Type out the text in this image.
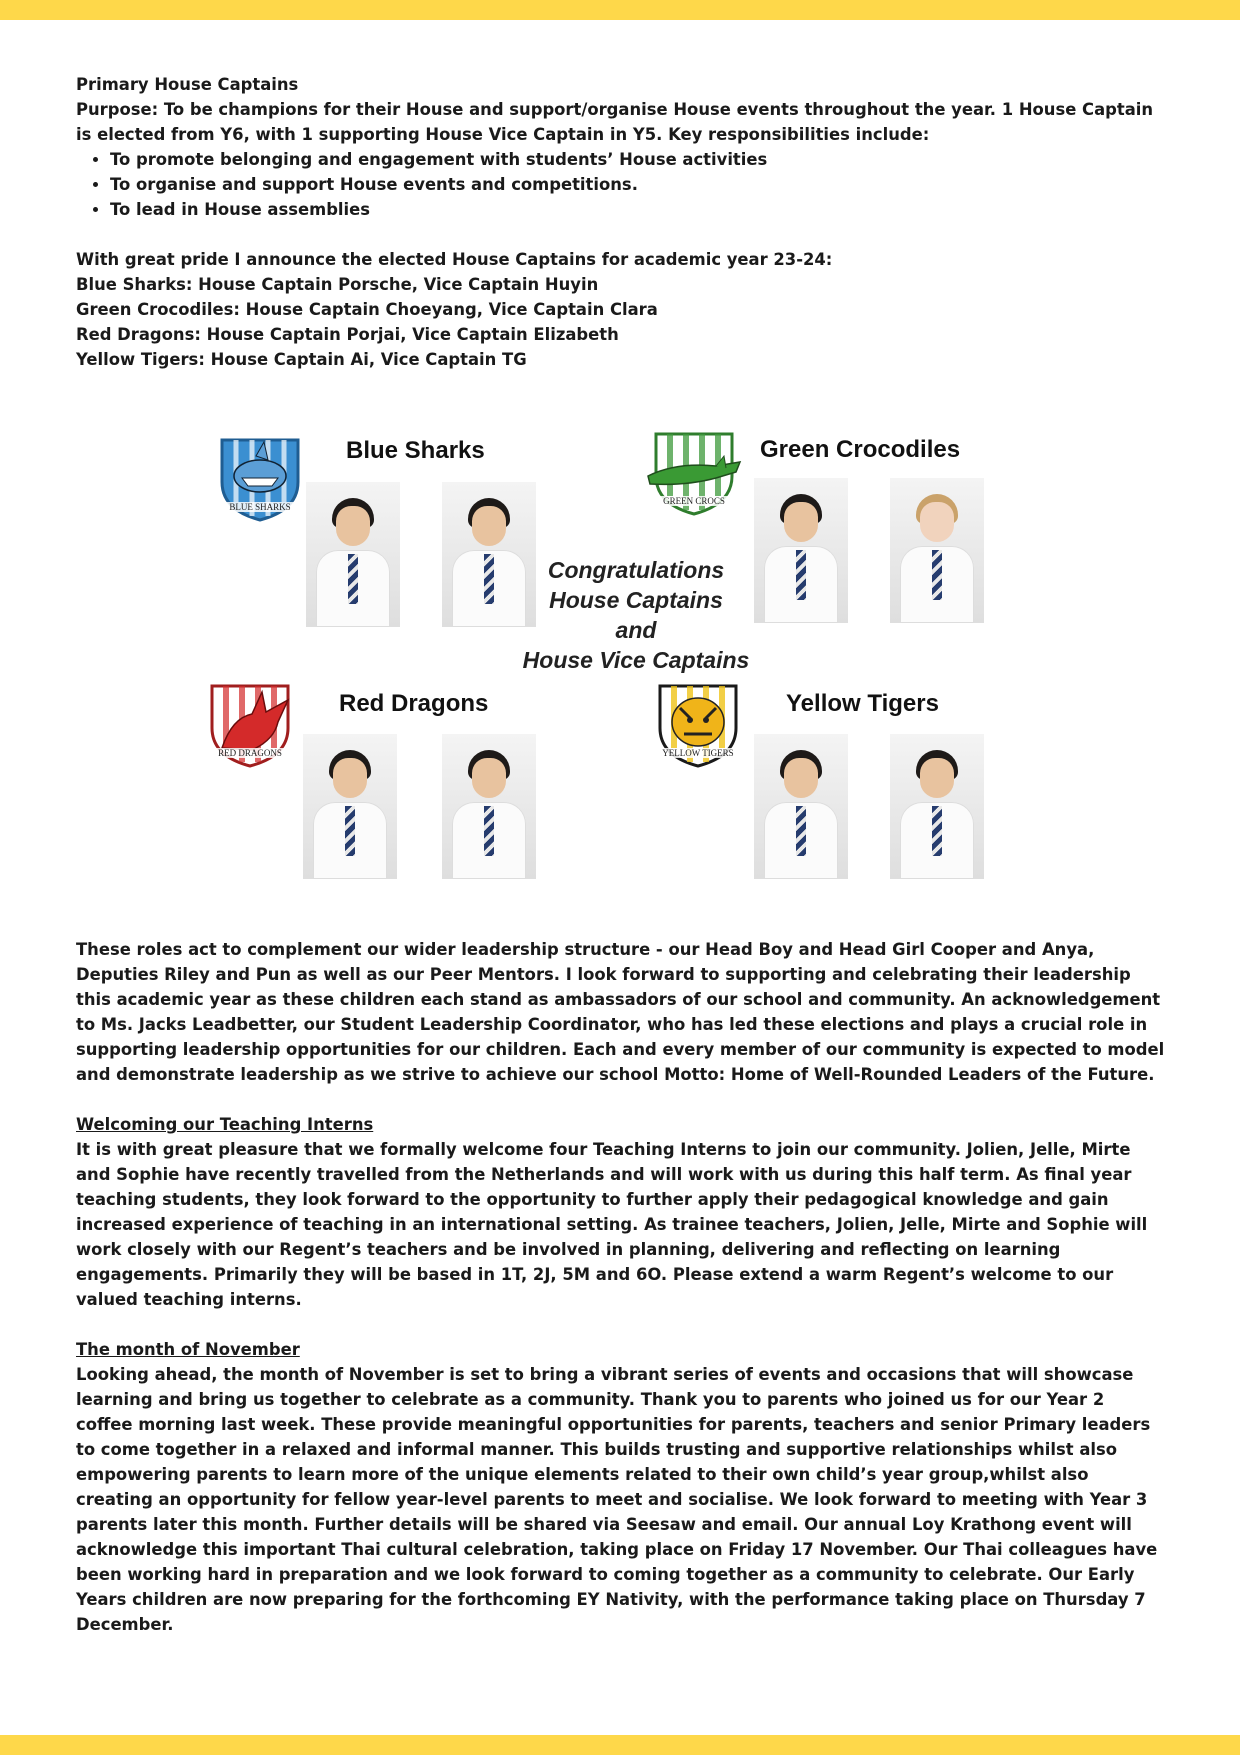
Primary House Captains

Purpose: To be champions for their House and support/organise House events throughout the year. 1 House Captain is elected from Y6, with 1 supporting House Vice Captain in Y5. Key responsibilities include:

• To promote belonging and engagement with students’ House activities
• To organise and support House events and competitions.
• To lead in House assemblies

With great pride I announce the elected House Captains for academic year 23-24:

Blue Sharks: House Captain Porsche, Vice Captain Huyin

Green Crocodiles: House Captain Choeyang, Vice Captain Clara

Red Dragons: House Captain Porjai, Vice Captain Elizabeth

Yellow Tigers: House Captain Ai, Vice Captain TG

BLUE SHARKS
Blue Sharks
GREEN CROCS
Green Crocodiles
Congratulations
House Captains
and
House Vice Captains
RED DRAGONS
Red Dragons
YELLOW TIGERS
Yellow Tigers

These roles act to complement our wider leadership structure - our Head Boy and Head Girl Cooper and Anya, Deputies Riley and Pun as well as our Peer Mentors. I look forward to supporting and celebrating their leadership this academic year as these children each stand as ambassadors of our school and community. An acknowledgement to Ms. Jacks Leadbetter, our Student Leadership Coordinator, who has led these elections and plays a crucial role in supporting leadership opportunities for our children. Each and every member of our community is expected to model and demonstrate leadership as we strive to achieve our school Motto: Home of Well-Rounded Leaders of the Future.

Welcoming our Teaching Interns

It is with great pleasure that we formally welcome four Teaching Interns to join our community. Jolien, Jelle, Mirte and Sophie have recently travelled from the Netherlands and will work with us during this half term. As final year teaching students, they look forward to the opportunity to further apply their pedagogical knowledge and gain increased experience of teaching in an international setting. As trainee teachers, Jolien, Jelle, Mirte and Sophie will work closely with our Regent’s teachers and be involved in planning, delivering and reflecting on learning engagements. Primarily they will be based in 1T, 2J, 5M and 6O. Please extend a warm Regent’s welcome to our valued teaching interns.

The month of November

Looking ahead, the month of November is set to bring a vibrant series of events and occasions that will showcase learning and bring us together to celebrate as a community. Thank you to parents who joined us for our Year 2 coffee morning last week. These provide meaningful opportunities for parents, teachers and senior Primary leaders to come together in a relaxed and informal manner. This builds trusting and supportive relationships whilst also empowering parents to learn more of the unique elements related to their own child’s year group,whilst also creating an opportunity for fellow year-level parents to meet and socialise. We look forward to meeting with Year 3 parents later this month. Further details will be shared via Seesaw and email. Our annual Loy Krathong event will acknowledge this important Thai cultural celebration, taking place on Friday 17 November. Our Thai colleagues have been working hard in preparation and we look forward to coming together as a community to celebrate. Our Early Years children are now preparing for the forthcoming EY Nativity, with the performance taking place on Thursday 7 December.
